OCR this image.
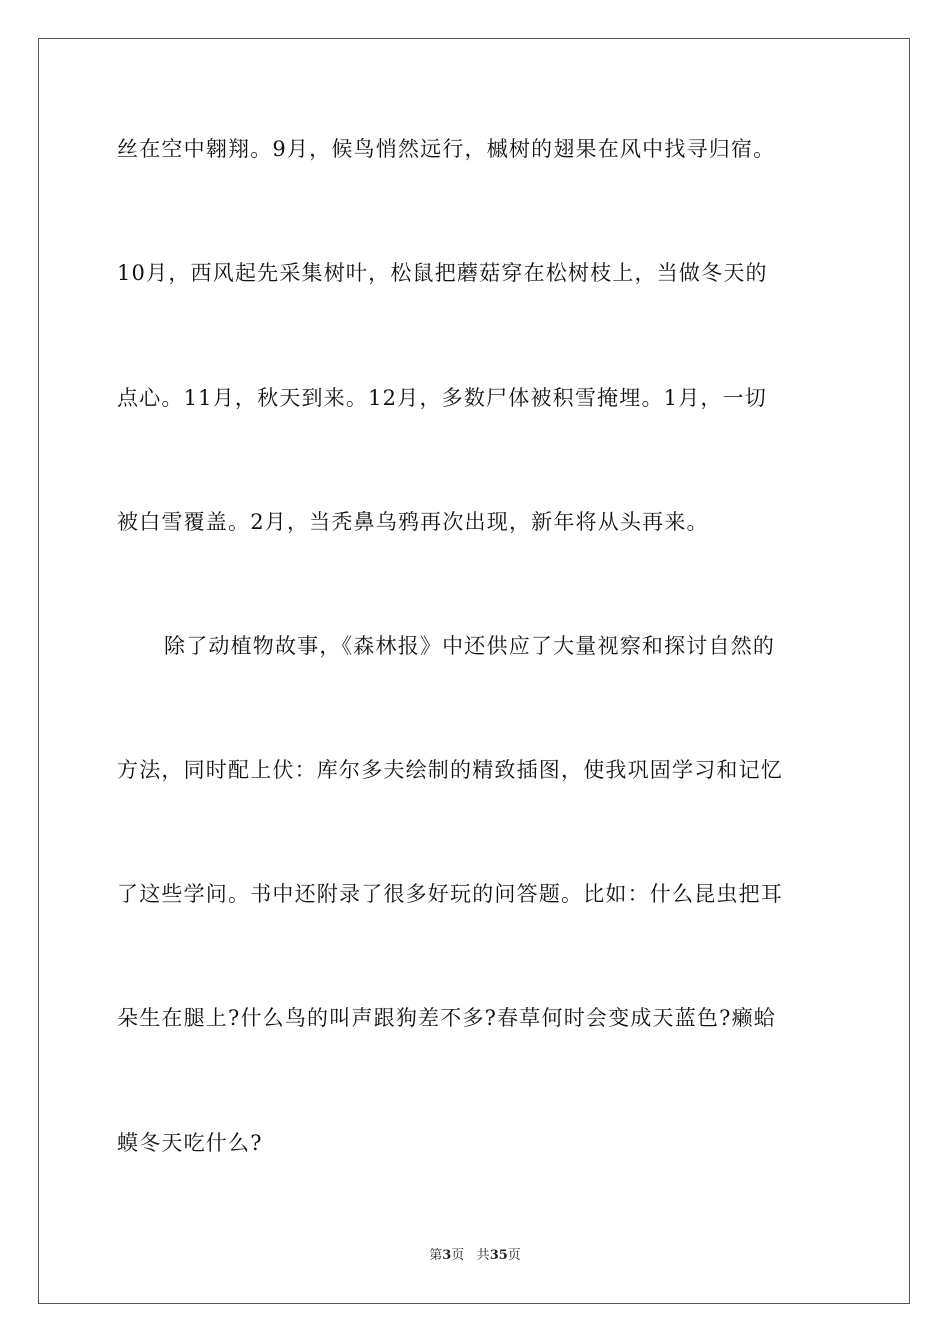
丝在空中翱翔。9月，候鸟悄然远行，槭树的翅果在风中找寻归宿。
10月，西风起先采集树叶，松鼠把蘑菇穿在松树枝上，当做冬天的
点心。11月，秋天到来。12月，多数尸体被积雪掩埋。1月，一切
被白雪覆盖。2月，当秃鼻乌鸦再次出现，新年将从头再来。
除了动植物故事，《森林报》中还供应了大量视察和探讨自然的
方法，同时配上伏：库尔多夫绘制的精致插图，使我巩固学习和记忆
了这些学问。书中还附录了很多好玩的问答题。比如：什么昆虫把耳
朵生在腿上?什么鸟的叫声跟狗差不多?春草何时会变成天蓝色?癞蛤
蟆冬天吃什么?
第3页 共35页
